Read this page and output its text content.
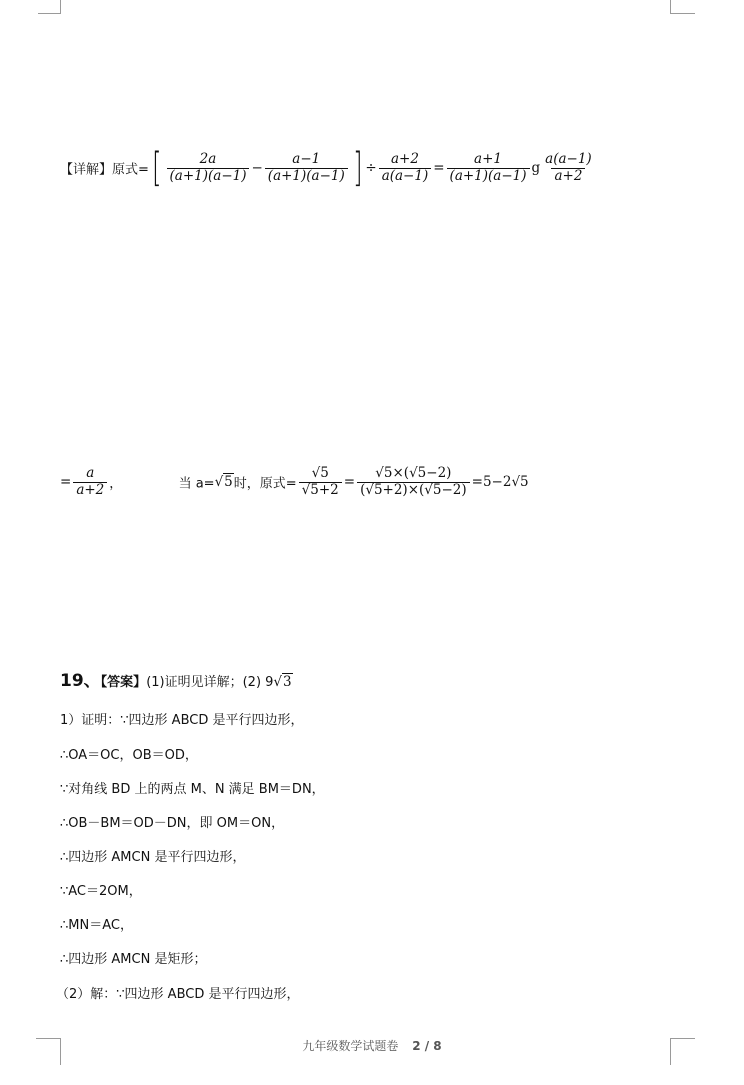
【详解】原式=[ $\frac{2a}{(a+1)(a-1)} - \frac{a-1}{(a+1)(a-1)}$ ] ÷ $\frac{a+2}{a(a-1)} = \frac{a+1}{(a+1)(a-1)}$ g $\frac{a(a-1)}{a+2}$
= $\frac{a}{a+2}$ ，	当 a=√5时，原式= $\frac{√5}{√5+2} = \frac{√5\times(√5-2)}{(√5+2)\times(√5-2)} =5-2√5$
19、【答案】(1)证明见详解；(2) 9√3
1）证明：∵四边形 ABCD 是平行四边形，
∴OA＝OC，OB＝OD，
∵对角线 BD 上的两点 M、N 满足 BM＝DN，
∴OB－BM＝OD－DN，即 OM＝ON，
∴四边形 AMCN 是平行四边形，
∵AC＝2OM，
∴MN＝AC，
∴四边形 AMCN 是矩形；
（2）解：∵四边形 ABCD 是平行四边形，
九年级数学试题卷 2 / 8
